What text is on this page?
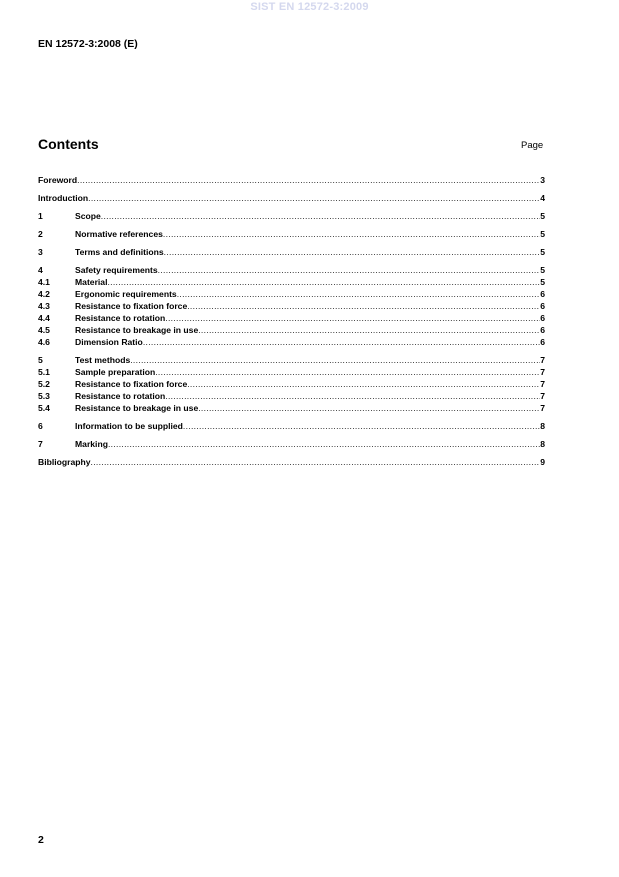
SIST EN 12572-3:2009
EN 12572-3:2008 (E)
Contents	Page
Foreword .....	3
Introduction .....	4
1	Scope .....	5
2	Normative references .....	5
3	Terms and definitions .....	5
4	Safety requirements .....	5
4.1	Material .....	5
4.2	Ergonomic requirements .....	6
4.3	Resistance to fixation force .....	6
4.4	Resistance to rotation .....	6
4.5	Resistance to breakage in use .....	6
4.6	Dimension Ratio .....	6
5	Test methods .....	7
5.1	Sample preparation .....	7
5.2	Resistance to fixation force .....	7
5.3	Resistance to rotation .....	7
5.4	Resistance to breakage in use .....	7
6	Information to be supplied .....	8
7	Marking .....	8
Bibliography .....	9
2
